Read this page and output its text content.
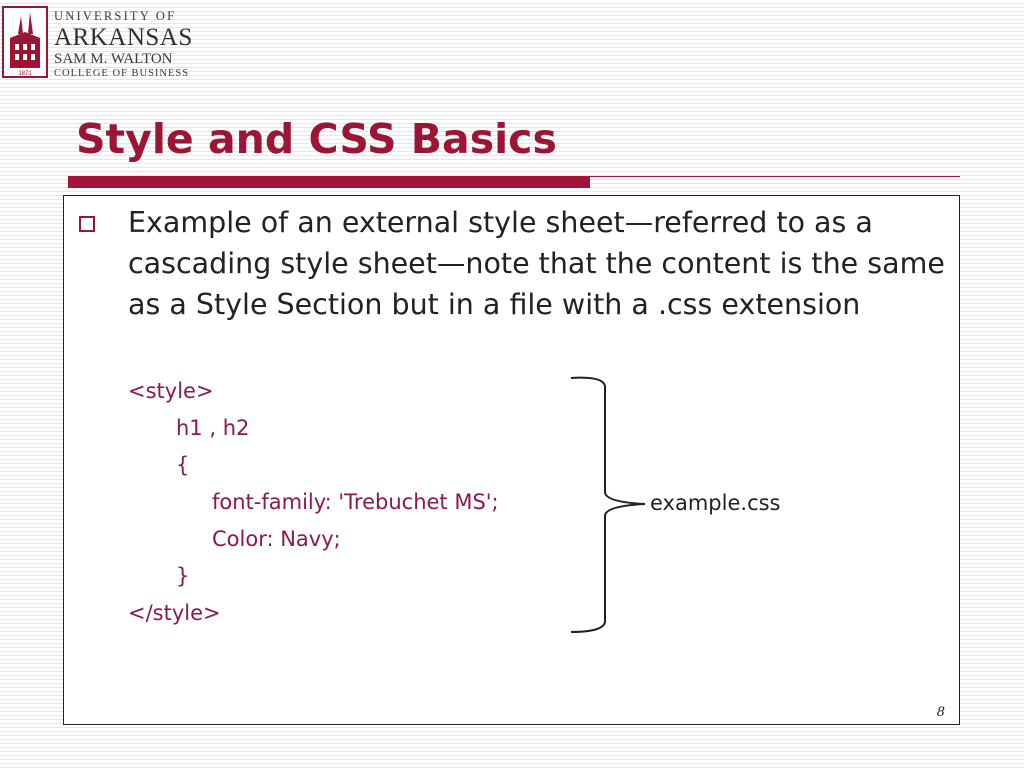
1871
UNIVERSITY OF
ARKANSAS
SAM M. WALTON
COLLEGE OF BUSINESS
Style and CSS Basics

Example of an external style sheet—referred to as a cascading style sheet—note that the content is the same as a Style Section but in a file with a .css extension

<style>
h1 , h2
{
font-family: 'Trebuchet MS';
Color: Navy;
}
</style>
example.css
8
